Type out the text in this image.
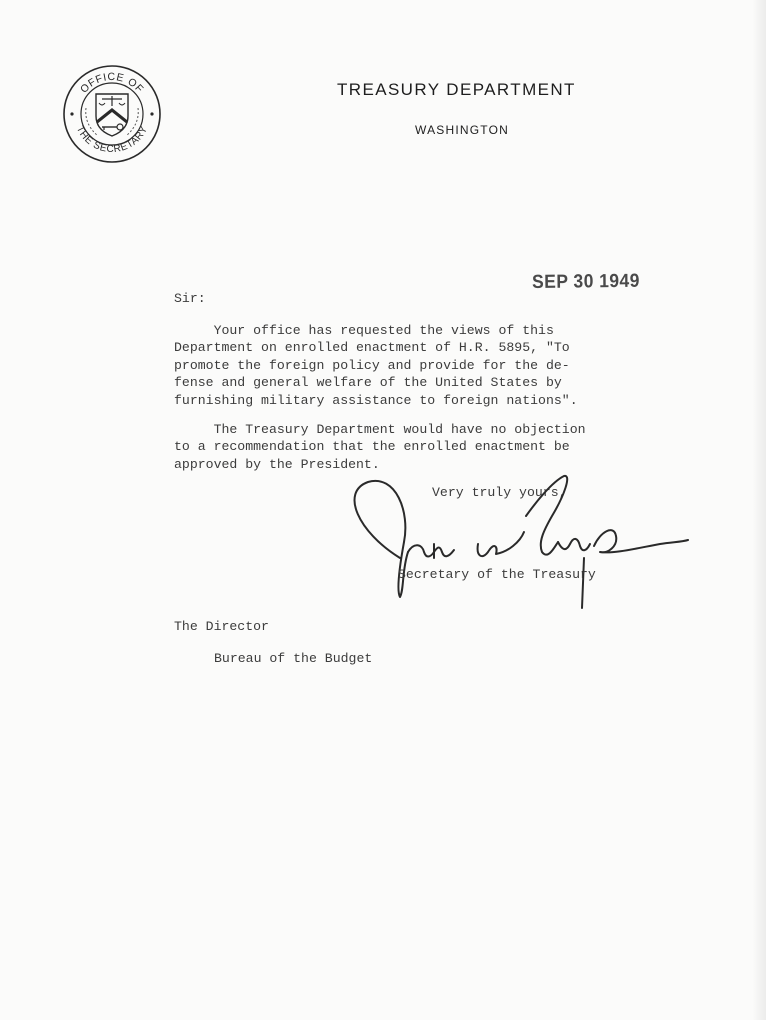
OFFICE OF
THE SECRETARY
TREASURY DEPARTMENT
WASHINGTON
SEP 30 1949
Sir:
Your office has requested the views of this
Department on enrolled enactment of H.R. 5895, "To
promote the foreign policy and provide for the de-
fense and general welfare of the United States by
furnishing military assistance to foreign nations".
The Treasury Department would have no objection
to a recommendation that the enrolled enactment be
approved by the President.
Very truly yours,
Secretary of the Treasury
The Director
Bureau of the Budget
